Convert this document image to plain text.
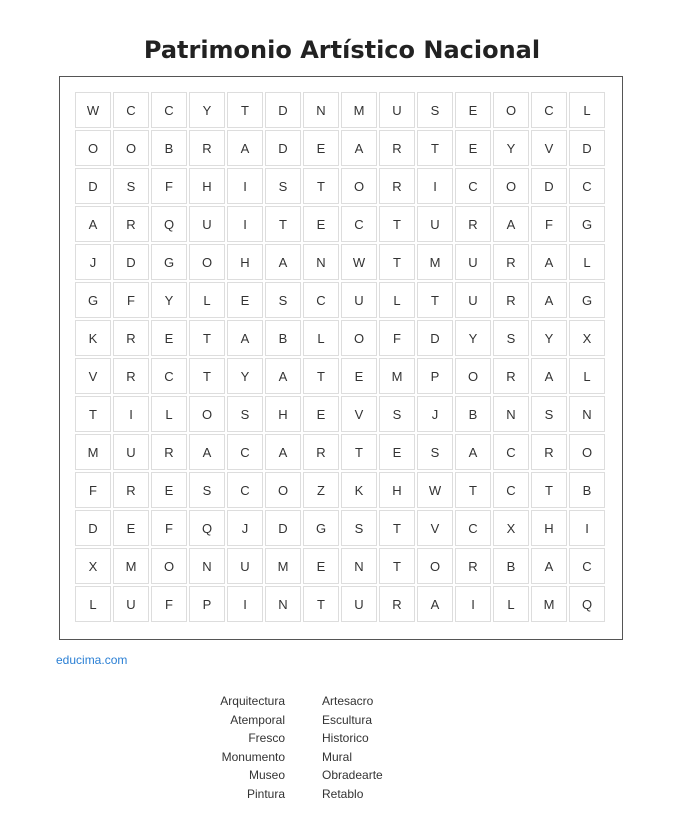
Patrimonio Artístico Nacional
W	C	C	Y	T	D	N	M	U	S	E	O	C	L
O	O	B	R	A	D	E	A	R	T	E	Y	V	D
D	S	F	H	I	S	T	O	R	I	C	O	D	C
A	R	Q	U	I	T	E	C	T	U	R	A	F	G
J	D	G	O	H	A	N	W	T	M	U	R	A	L
G	F	Y	L	E	S	C	U	L	T	U	R	A	G
K	R	E	T	A	B	L	O	F	D	Y	S	Y	X
V	R	C	T	Y	A	T	E	M	P	O	R	A	L
T	I	L	O	S	H	E	V	S	J	B	N	S	N
M	U	R	A	C	A	R	T	E	S	A	C	R	O
F	R	E	S	C	O	Z	K	H	W	T	C	T	B
D	E	F	Q	J	D	G	S	T	V	C	X	H	I
X	M	O	N	U	M	E	N	T	O	R	B	A	C
L	U	F	P	I	N	T	U	R	A	I	L	M	Q
educima.com
Arquitectura
Atemporal
Fresco
Monumento
Museo
Pintura
Artesacro
Escultura
Historico
Mural
Obradearte
Retablo
